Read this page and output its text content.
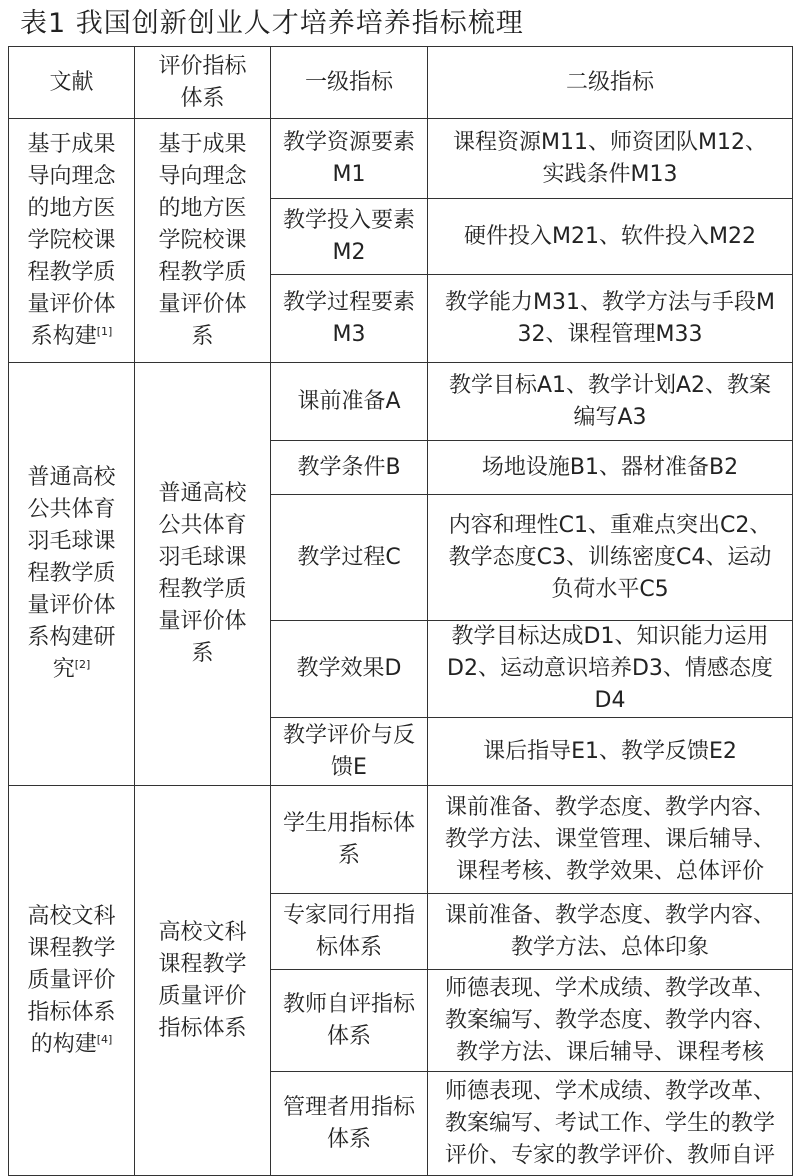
表1 我国创新创业人才培养培养指标梳理
文献	评价指标体系	一级指标	二级指标
基于成果导向理念的地方医学院校课程教学质量评价体系构建[1]	基于成果导向理念的地方医学院校课程教学质量评价体系	教学资源要素M1	课程资源M11、师资团队M12、实践条件M13
		教学投入要素M2	硬件投入M21、软件投入M22
		教学过程要素M3	教学能力M31、教学方法与手段M32、课程管理M33
普通高校公共体育羽毛球课程教学质量评价体系构建研究[2]	普通高校公共体育羽毛球课程教学质量评价体系	课前准备A	教学目标A1、教学计划A2、教案编写A3
		教学条件B	场地设施B1、器材准备B2
		教学过程C	内容和理性C1、重难点突出C2、教学态度C3、训练密度C4、运动负荷水平C5
		教学效果D	教学目标达成D1、知识能力运用D2、运动意识培养D3、情感态度D4
		教学评价与反馈E	课后指导E1、教学反馈E2
高校文科课程教学质量评价指标体系的构建[4]	高校文科课程教学质量评价指标体系	学生用指标体系	课前准备、教学态度、教学内容、教学方法、课堂管理、课后辅导、课程考核、教学效果、总体评价
		专家同行用指标体系	课前准备、教学态度、教学内容、教学方法、总体印象
		教师自评指标体系	师德表现、学术成绩、教学改革、教案编写、教学态度、教学内容、教学方法、课后辅导、课程考核
		管理者用指标体系	师德表现、学术成绩、教学改革、教案编写、考试工作、学生的教学评价、专家的教学评价、教师自评
